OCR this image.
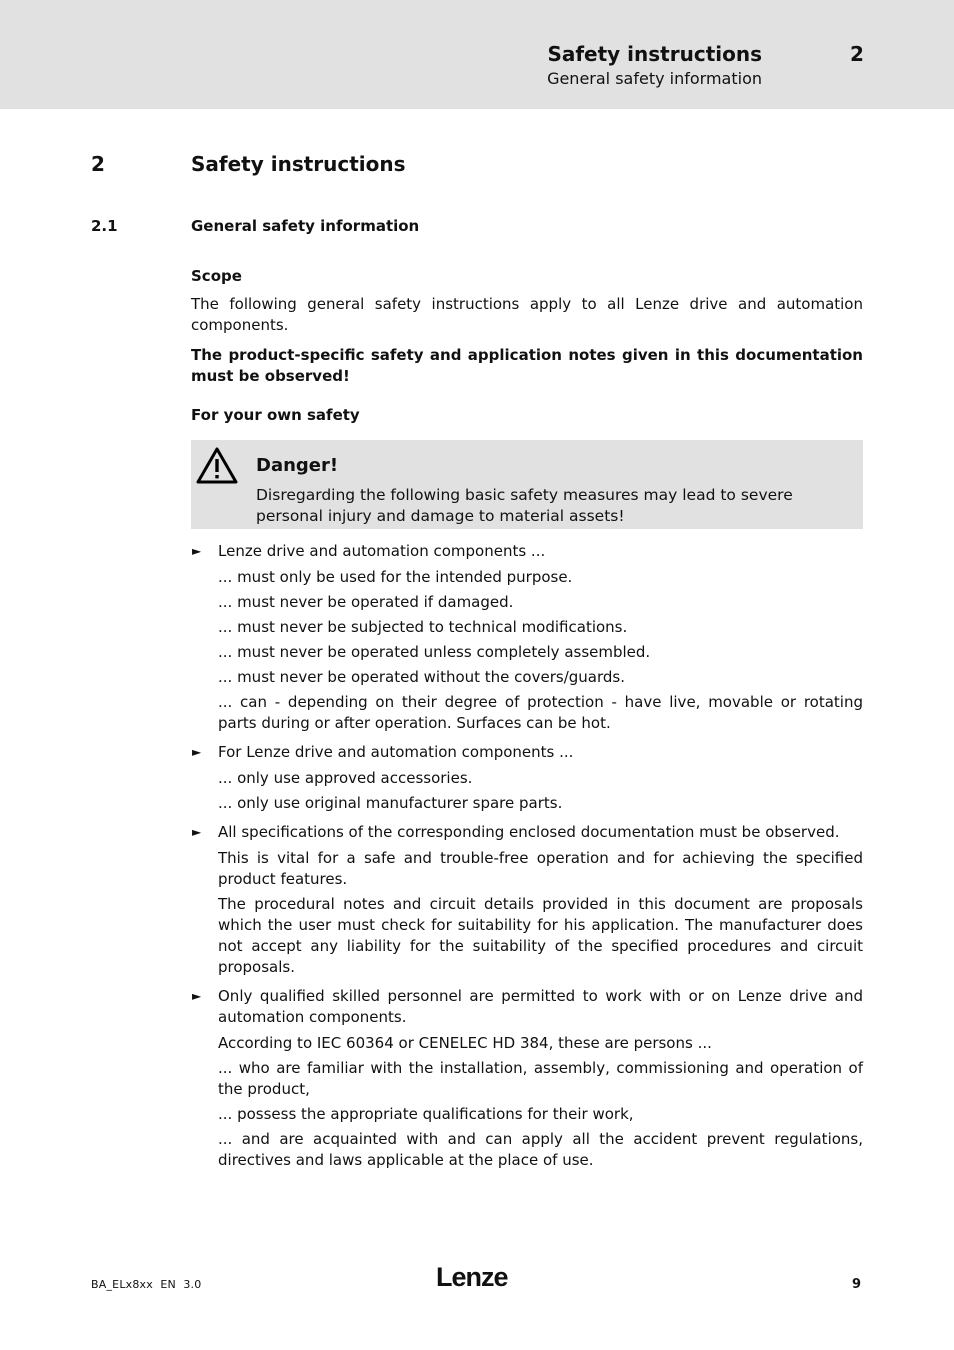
Safety instructions	2
General safety information
2	Safety instructions
2.1	General safety information
Scope
The following general safety instructions apply to all Lenze drive and automation components.
The product-specific safety and application notes given in this documentation must be observed!
For your own safety
Danger!
Disregarding the following basic safety measures may lead to severe personal injury and damage to material assets!
► Lenze drive and automation components ...
... must only be used for the intended purpose.
... must never be operated if damaged.
... must never be subjected to technical modifications.
... must never be operated unless completely assembled.
... must never be operated without the covers/guards.
... can - depending on their degree of protection - have live, movable or rotating parts during or after operation. Surfaces can be hot.
► For Lenze drive and automation components ...
... only use approved accessories.
... only use original manufacturer spare parts.
► All specifications of the corresponding enclosed documentation must be observed.
This is vital for a safe and trouble-free operation and for achieving the specified product features.
The procedural notes and circuit details provided in this document are proposals which the user must check for suitability for his application. The manufacturer does not accept any liability for the suitability of the specified procedures and circuit proposals.
► Only qualified skilled personnel are permitted to work with or on Lenze drive and automation components.
According to IEC 60364 or CENELEC HD 384, these are persons ...
... who are familiar with the installation, assembly, commissioning and operation of the product,
... possess the appropriate qualifications for their work,
... and are acquainted with and can apply all the accident prevent regulations, directives and laws applicable at the place of use.
BA_ELx8xx  EN  3.0	Lenze	9
